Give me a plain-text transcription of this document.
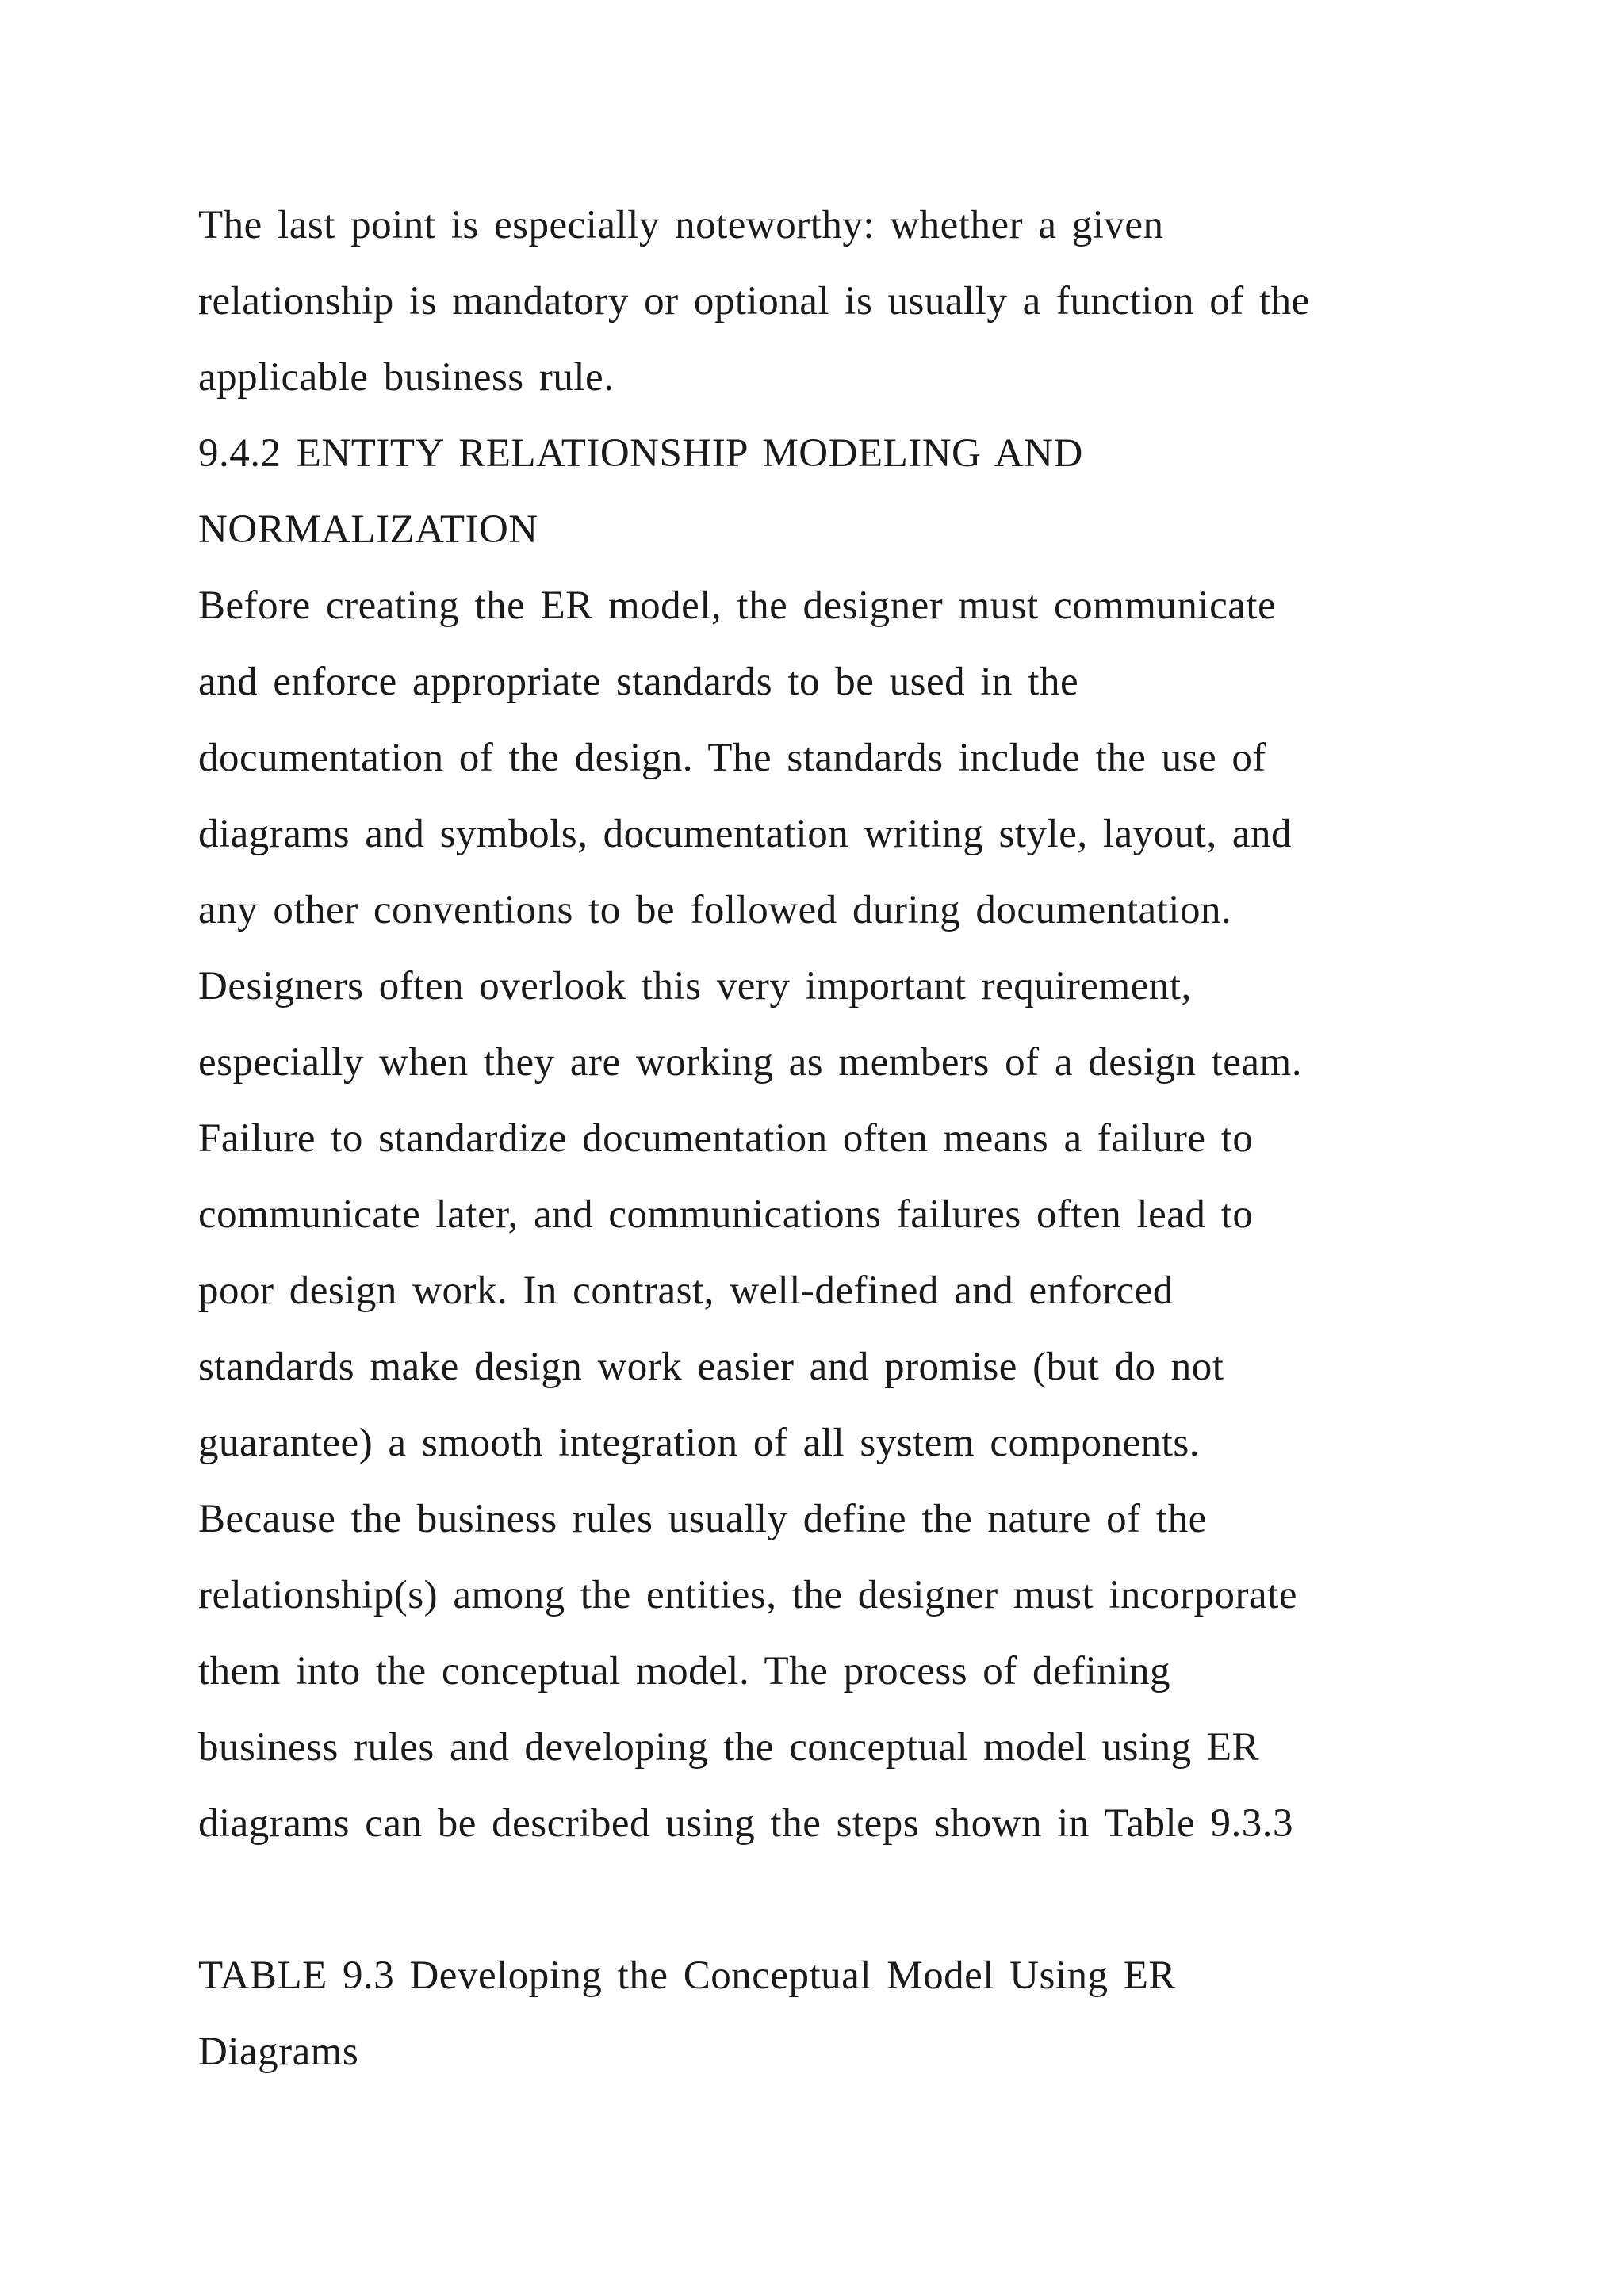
The last point is especially noteworthy: whether a given
relationship is mandatory or optional is usually a function of the
applicable business rule.
9.4.2 ENTITY RELATIONSHIP MODELING AND
NORMALIZATION
Before creating the ER model, the designer must communicate
and enforce appropriate standards to be used in the
documentation of the design. The standards include the use of
diagrams and symbols, documentation writing style, layout, and
any other conventions to be followed during documentation.
Designers often overlook this very important requirement,
especially when they are working as members of a design team.
Failure to standardize documentation often means a failure to
communicate later, and communications failures often lead to
poor design work. In contrast, well-defined and enforced
standards make design work easier and promise (but do not
guarantee) a smooth integration of all system components.
Because the business rules usually define the nature of the
relationship(s) among the entities, the designer must incorporate
them into the conceptual model. The process of defining
business rules and developing the conceptual model using ER
diagrams can be described using the steps shown in Table 9.3.3
TABLE 9.3 Developing the Conceptual Model Using ER
Diagrams
